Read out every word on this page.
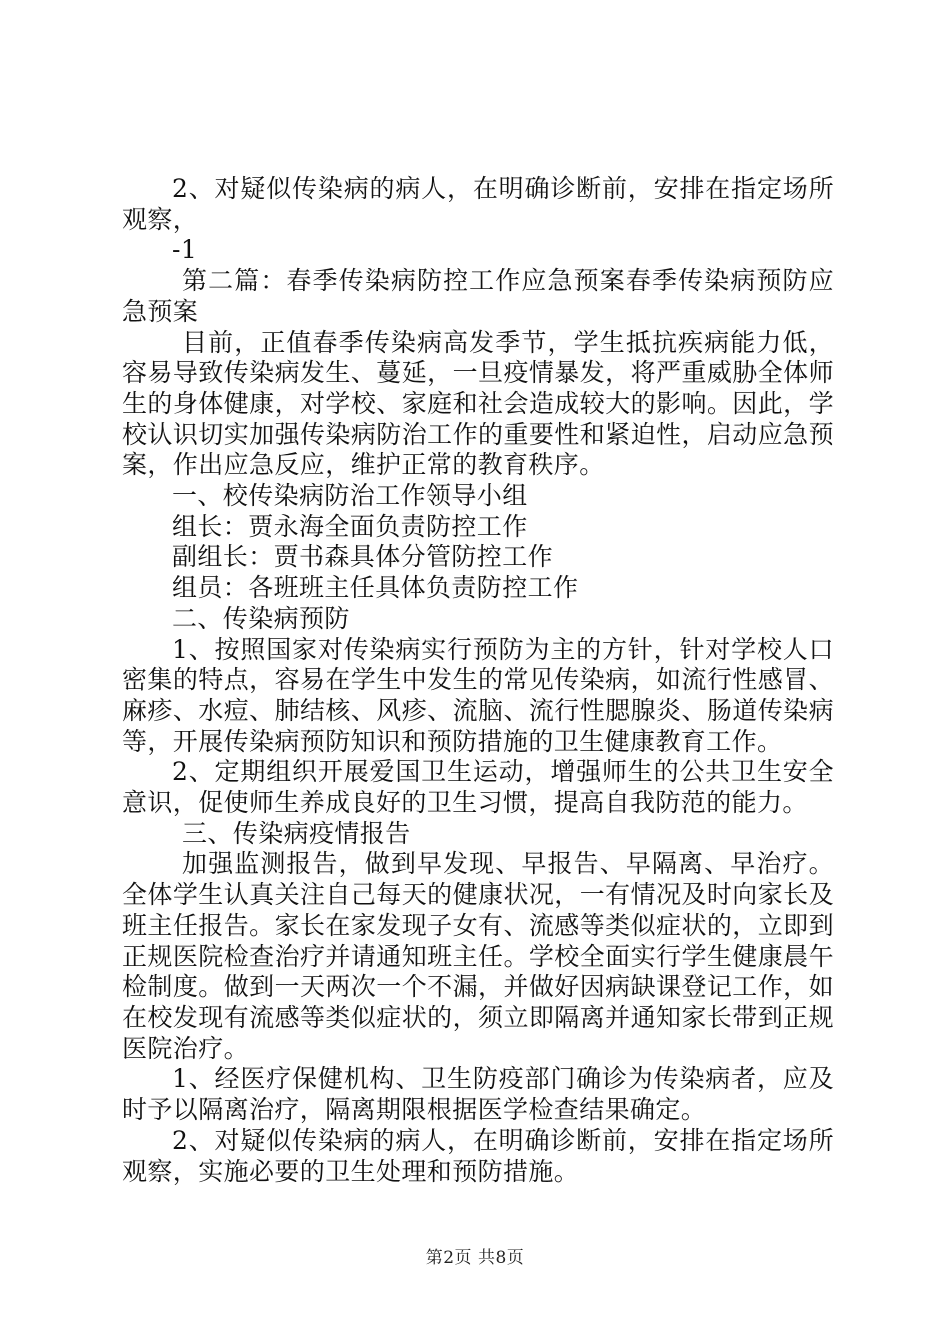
2、对疑似传染病的病人，在明确诊断前，安排在指定场所观察，

-1

第二篇：春季传染病防控工作应急预案春季传染病预防应急预案

目前，正值春季传染病高发季节，学生抵抗疾病能力低，容易导致传染病发生、蔓延，一旦疫情暴发，将严重威胁全体师生的身体健康，对学校、家庭和社会造成较大的影响。因此，学校认识切实加强传染病防治工作的重要性和紧迫性，启动应急预案，作出应急反应，维护正常的教育秩序。

一、校传染病防治工作领导小组

组长：贾永海全面负责防控工作

副组长：贾书森具体分管防控工作

组员：各班班主任具体负责防控工作

二、传染病预防

1、按照国家对传染病实行预防为主的方针，针对学校人口密集的特点，容易在学生中发生的常见传染病，如流行性感冒、麻疹、水痘、肺结核、风疹、流脑、流行性腮腺炎、肠道传染病等，开展传染病预防知识和预防措施的卫生健康教育工作。

2、定期组织开展爱国卫生运动，增强师生的公共卫生安全意识，促使师生养成良好的卫生习惯，提高自我防范的能力。

三、传染病疫情报告

加强监测报告，做到早发现、早报告、早隔离、早治疗。全体学生认真关注自己每天的健康状况，一有情况及时向家长及班主任报告。家长在家发现子女有、流感等类似症状的，立即到正规医院检查治疗并请通知班主任。学校全面实行学生健康晨午检制度。做到一天两次一个不漏，并做好因病缺课登记工作，如在校发现有流感等类似症状的，须立即隔离并通知家长带到正规医院治疗。

1、经医疗保健机构、卫生防疫部门确诊为传染病者，应及时予以隔离治疗，隔离期限根据医学检查结果确定。

2、对疑似传染病的病人，在明确诊断前，安排在指定场所观察，实施必要的卫生处理和预防措施。

第2页 共8页
